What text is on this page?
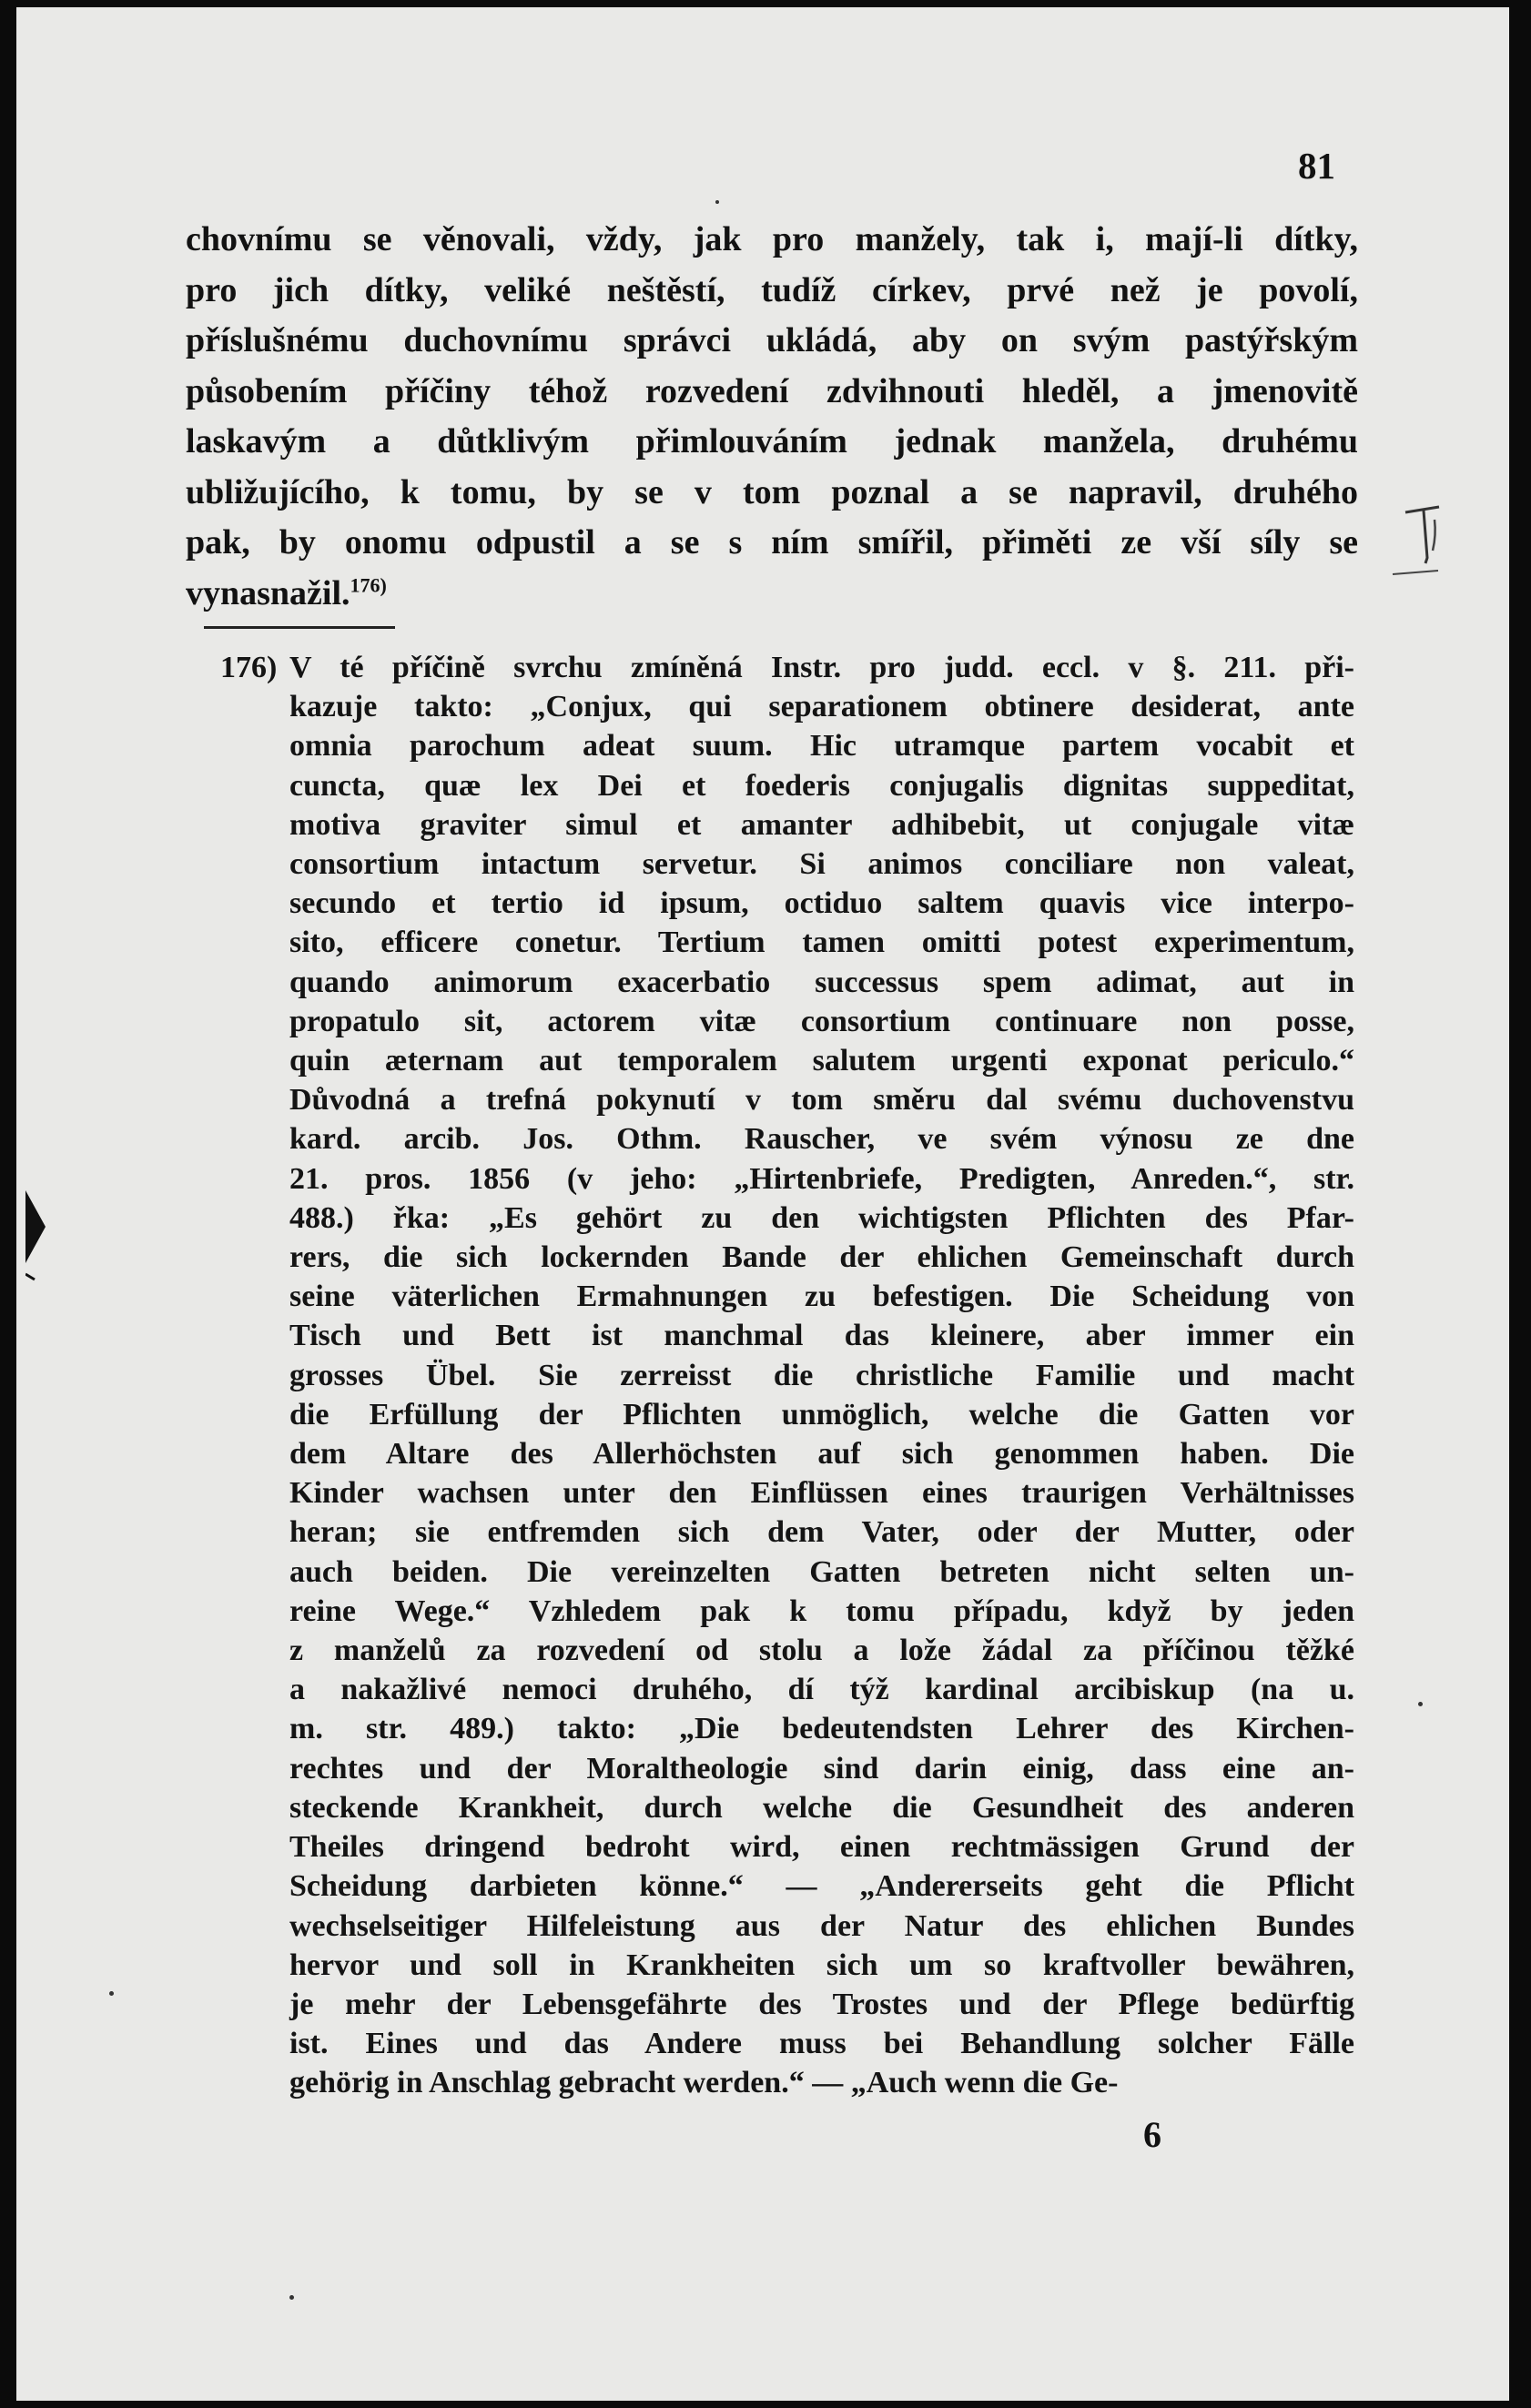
81
chovnímu se věnovali, vždy, jak pro manžely, tak i, mají-li dítky,
pro jich dítky, veliké neštěstí, tudíž církev, prvé než je povolí,
příslušnému duchovnímu správci ukládá, aby on svým pastýřským
působením příčiny téhož rozvedení zdvihnouti hleděl, a jmenovitě
laskavým a důtklivým přimlouváním jednak manžela, druhému
ubližujícího, k tomu, by se v tom poznal a se napravil, druhého
pak, by onomu odpustil a se s ním smířil, přiměti ze vší síly se
vynasnažil.$^{176)}$
176) V té příčině svrchu zmíněná Instr. pro judd. eccl. v §. 211. při-
kazuje takto: „Conjux, qui separationem obtinere desiderat, ante
omnia parochum adeat suum. Hic utramque partem vocabit et
cuncta, quæ lex Dei et foederis conjugalis dignitas suppeditat,
motiva graviter simul et amanter adhibebit, ut conjugale vitæ
consortium intactum servetur. Si animos conciliare non valeat,
secundo et tertio id ipsum, octiduo saltem quavis vice interpo-
sito, efficere conetur. Tertium tamen omitti potest experimentum,
quando animorum exacerbatio successus spem adimat, aut in
propatulo sit, actorem vitæ consortium continuare non posse,
quin æternam aut temporalem salutem urgenti exponat periculo.“
Důvodná a trefná pokynutí v tom směru dal svému duchovenstvu
kard. arcib. Jos. Othm. Rauscher, ve svém výnosu ze dne
21. pros. 1856 (v jeho: „Hirtenbriefe, Predigten, Anreden.“, str.
488.) řka: „Es gehört zu den wichtigsten Pflichten des Pfar-
rers, die sich lockernden Bande der ehlichen Gemeinschaft durch
seine väterlichen Ermahnungen zu befestigen. Die Scheidung von
Tisch und Bett ist manchmal das kleinere, aber immer ein
grosses Übel. Sie zerreisst die christliche Familie und macht
die Erfüllung der Pflichten unmöglich, welche die Gatten vor
dem Altare des Allerhöchsten auf sich genommen haben. Die
Kinder wachsen unter den Einflüssen eines traurigen Verhältnisses
heran; sie entfremden sich dem Vater, oder der Mutter, oder
auch beiden. Die vereinzelten Gatten betreten nicht selten un-
reine Wege.“ Vzhledem pak k tomu případu, když by jeden
z manželů za rozvedení od stolu a lože žádal za příčinou těžké
a nakažlivé nemoci druhého, dí týž kardinal arcibiskup (na u.
m. str. 489.) takto: „Die bedeutendsten Lehrer des Kirchen-
rechtes und der Moraltheologie sind darin einig, dass eine an-
steckende Krankheit, durch welche die Gesundheit des anderen
Theiles dringend bedroht wird, einen rechtmässigen Grund der
Scheidung darbieten könne.“ — „Andererseits geht die Pflicht
wechselseitiger Hilfeleistung aus der Natur des ehlichen Bundes
hervor und soll in Krankheiten sich um so kraftvoller bewähren,
je mehr der Lebensgefährte des Trostes und der Pflege bedürftig
ist. Eines und das Andere muss bei Behandlung solcher Fälle
gehörig in Anschlag gebracht werden.“ — „Auch wenn die Ge-
6
